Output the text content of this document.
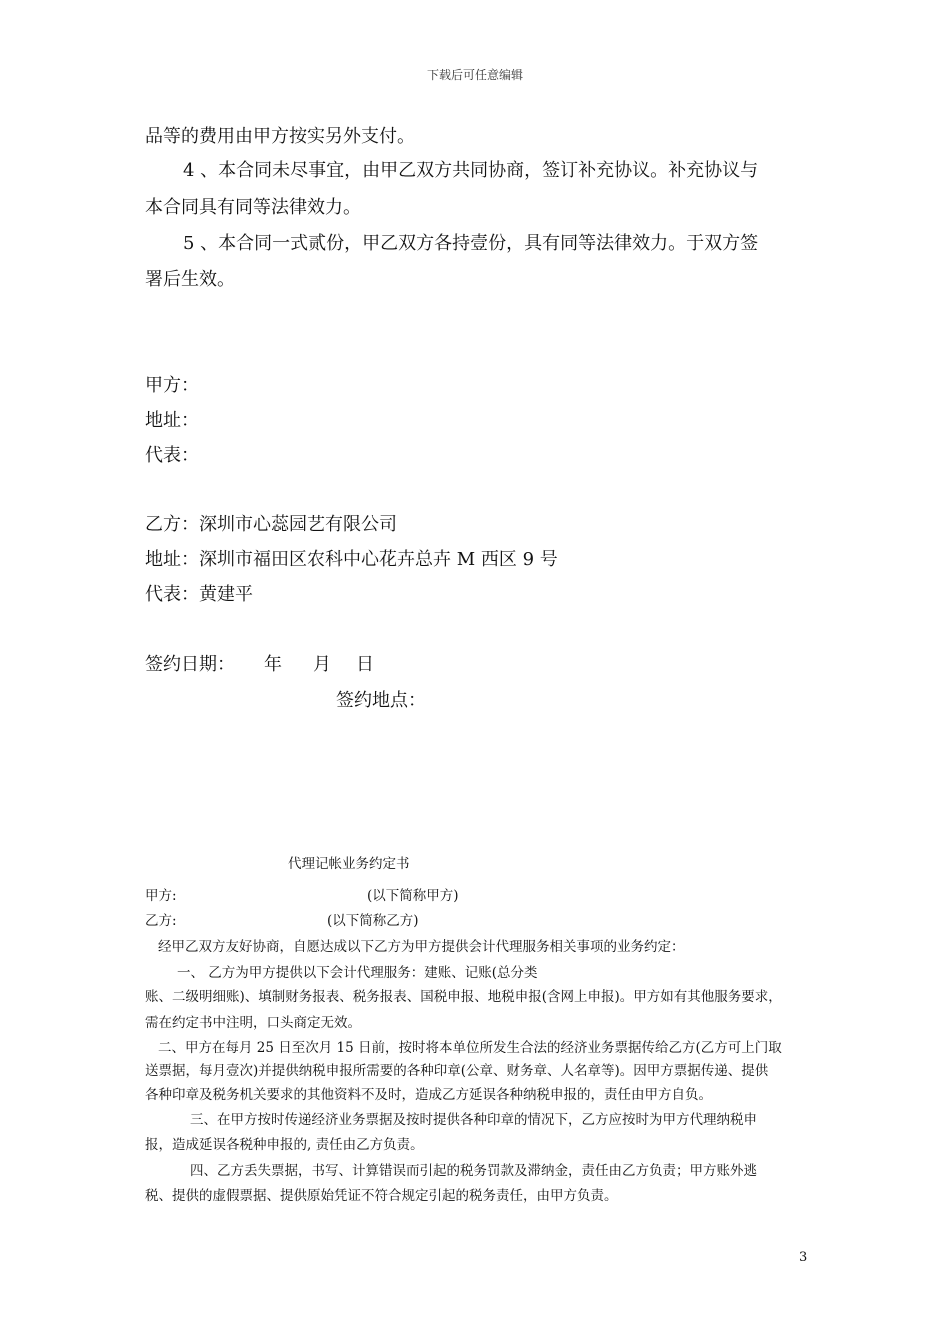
下载后可任意编辑
品等的费用由甲方按实另外支付。
4 、本合同未尽事宜，由甲乙双方共同协商，签订补充协议。补充协议与
本合同具有同等法律效力。
5 、本合同一式贰份，甲乙双方各持壹份，具有同等法律效力。于双方签
署后生效。
甲方：
地址：
代表：
乙方：深圳市心蕊园艺有限公司
地址：深圳市福田区农科中心花卉总卉 M 西区 9 号
代表：黄建平
签约日期： 年 月 日
签约地点：
代理记帐业务约定书
甲方:	(以下简称甲方)
乙方:	(以下简称乙方)
经甲乙双方友好协商，自愿达成以下乙方为甲方提供会计代理服务相关事项的业务约定：
一、 乙方为甲方提供以下会计代理服务：建账、记账(总分类
账、二级明细账)、填制财务报表、税务报表、国税申报、地税申报(含网上申报)。甲方如有其他服务要求，
需在约定书中注明，口头商定无效。
二、甲方在每月 25 日至次月 15 日前，按时将本单位所发生合法的经济业务票据传给乙方(乙方可上门取
送票据，每月壹次)并提供纳税申报所需要的各种印章(公章、财务章、人名章等)。因甲方票据传递、提供
各种印章及税务机关要求的其他资料不及时，造成乙方延误各种纳税申报的，责任由甲方自负。
三、在甲方按时传递经济业务票据及按时提供各种印章的情况下，乙方应按时为甲方代理纳税申
报，造成延误各税种申报的, 责任由乙方负责。
四、乙方丢失票据，书写、计算错误而引起的税务罚款及滞纳金，责任由乙方负责；甲方账外逃
税、提供的虚假票据、提供原始凭证不符合规定引起的税务责任，由甲方负责。
3
